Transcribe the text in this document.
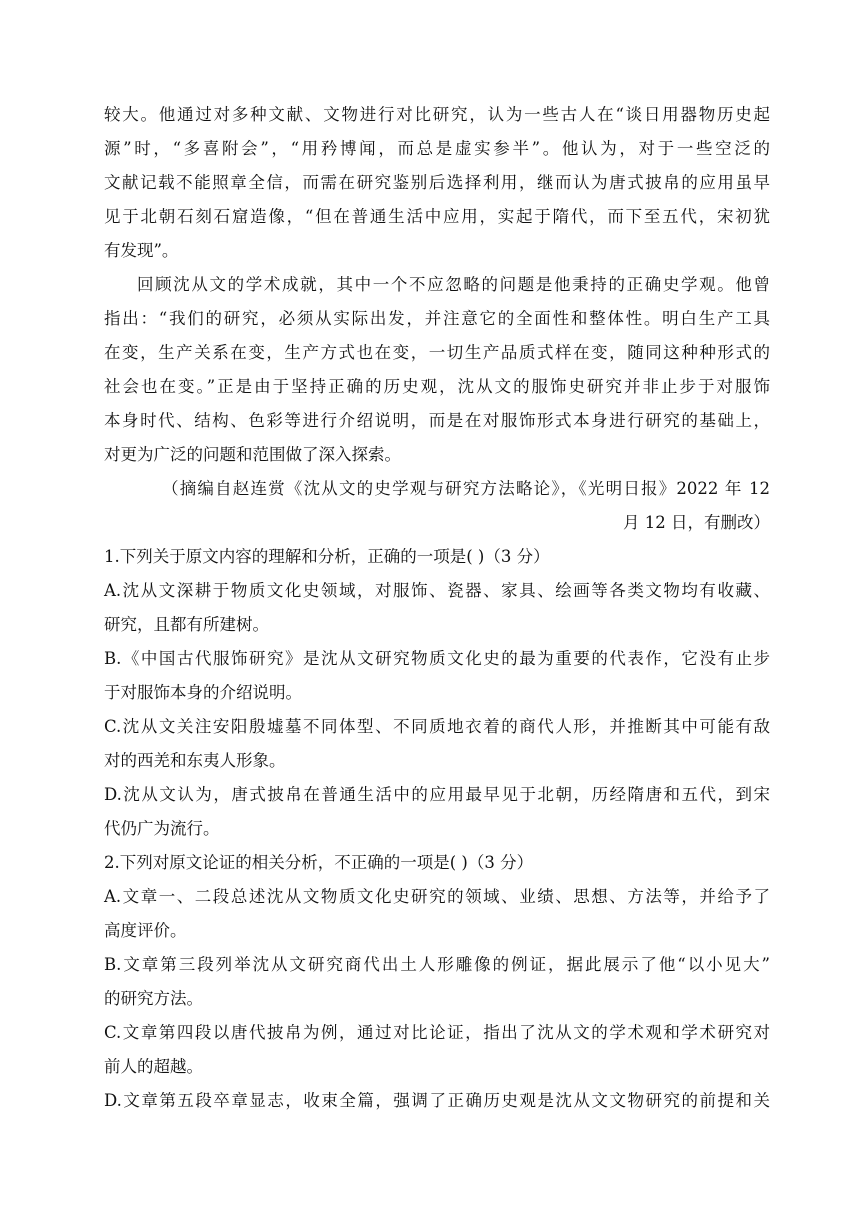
较大。他通过对多种文献、文物进行对比研究，认为一些古人在“谈日用器物历史起
源”时，“多喜附会”，“用矜博闻，而总是虚实参半”。他认为，对于一些空泛的
文献记载不能照章全信，而需在研究鉴别后选择利用，继而认为唐式披帛的应用虽早
见于北朝石刻石窟造像，“但在普通生活中应用，实起于隋代，而下至五代，宋初犹
有发现”。
回顾沈从文的学术成就，其中一个不应忽略的问题是他秉持的正确史学观。他曾
指出：“我们的研究，必须从实际出发，并注意它的全面性和整体性。明白生产工具
在变，生产关系在变，生产方式也在变，一切生产品质式样在变，随同这种种形式的
社会也在变。”正是由于坚持正确的历史观，沈从文的服饰史研究并非止步于对服饰
本身时代、结构、色彩等进行介绍说明，而是在对服饰形式本身进行研究的基础上，
对更为广泛的问题和范围做了深入探索。
（摘编自赵连赏《沈从文的史学观与研究方法略论》，《光明日报》2022 年 12
月 12 日，有删改）
1.下列关于原文内容的理解和分析，正确的一项是( )（3 分）
A.沈从文深耕于物质文化史领域，对服饰、瓷器、家具、绘画等各类文物均有收藏、
研究，且都有所建树。
B.《中国古代服饰研究》是沈从文研究物质文化史的最为重要的代表作，它没有止步
于对服饰本身的介绍说明。
C.沈从文关注安阳殷墟墓不同体型、不同质地衣着的商代人形，并推断其中可能有敌
对的西羌和东夷人形象。
D.沈从文认为，唐式披帛在普通生活中的应用最早见于北朝，历经隋唐和五代，到宋
代仍广为流行。
2.下列对原文论证的相关分析，不正确的一项是( )（3 分）
A.文章一、二段总述沈从文物质文化史研究的领域、业绩、思想、方法等，并给予了
高度评价。
B.文章第三段列举沈从文研究商代出土人形雕像的例证，据此展示了他“以小见大”
的研究方法。
C.文章第四段以唐代披帛为例，通过对比论证，指出了沈从文的学术观和学术研究对
前人的超越。
D.文章第五段卒章显志，收束全篇，强调了正确历史观是沈从文文物研究的前提和关
